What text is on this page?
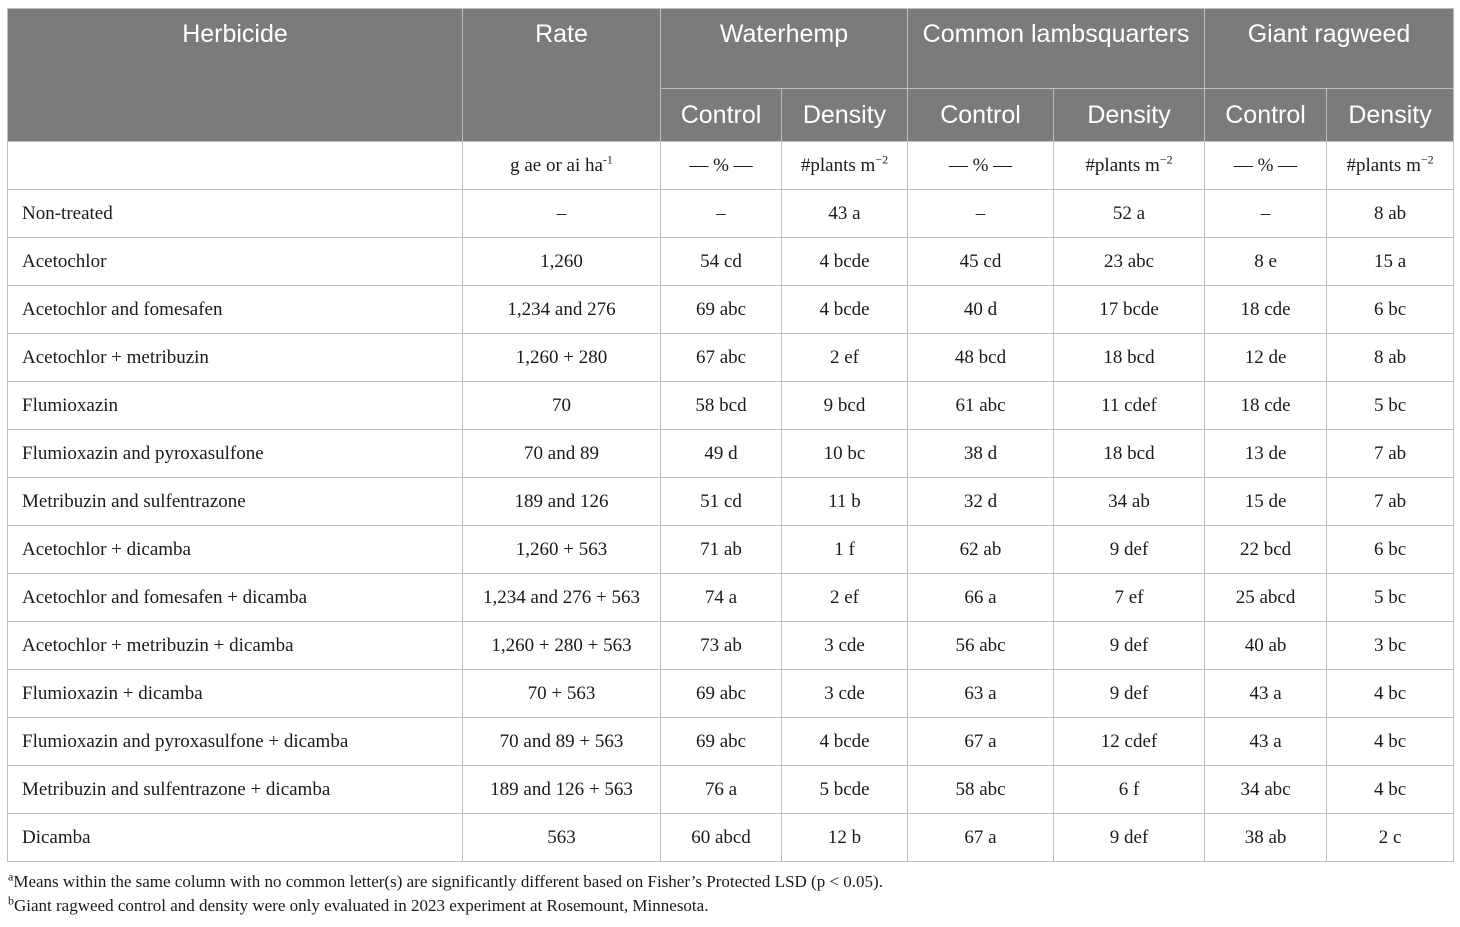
Herbicide	Rate	Waterhemp		Common lambsquarters		Giant ragweed	
		Control	Density	Control	Density	Control	Density
	g ae or ai $ha^{-1}$	— % —	#plants $m^{-2}$	— % —	#plants $m^{-2}$	— % —	#plants $m^{-2}$
Non-treated	–	–	43 a	–	52 a	–	8 ab
Acetochlor	1,260	54 cd	4 bcde	45 cd	23 abc	8 e	15 a
Acetochlor and fomesafen	1,234 and 276	69 abc	4 bcde	40 d	17 bcde	18 cde	6 bc
Acetochlor + metribuzin	1,260 + 280	67 abc	2 ef	48 bcd	18 bcd	12 de	8 ab
Flumioxazin	70	58 bcd	9 bcd	61 abc	11 cdef	18 cde	5 bc
Flumioxazin and pyroxasulfone	70 and 89	49 d	10 bc	38 d	18 bcd	13 de	7 ab
Metribuzin and sulfentrazone	189 and 126	51 cd	11 b	32 d	34 ab	15 de	7 ab
Acetochlor + dicamba	1,260 + 563	71 ab	1 f	62 ab	9 def	22 bcd	6 bc
Acetochlor and fomesafen + dicamba	1,234 and 276 + 563	74 a	2 ef	66 a	7 ef	25 abcd	5 bc
Acetochlor + metribuzin + dicamba	1,260 + 280 + 563	73 ab	3 cde	56 abc	9 def	40 ab	3 bc
Flumioxazin + dicamba	70 + 563	69 abc	3 cde	63 a	9 def	43 a	4 bc
Flumioxazin and pyroxasulfone + dicamba	70 and 89 + 563	69 abc	4 bcde	67 a	12 cdef	43 a	4 bc
Metribuzin and sulfentrazone + dicamba	189 and 126 + 563	76 a	5 bcde	58 abc	6 f	34 abc	4 bc
Dicamba	563	60 abcd	12 b	67 a	9 def	38 ab	2 c

$^a$Means within the same column with no common letter(s) are significantly different based on Fisher’s Protected LSD (p < 0.05).

$^b$Giant ragweed control and density were only evaluated in 2023 experiment at Rosemount, Minnesota.
